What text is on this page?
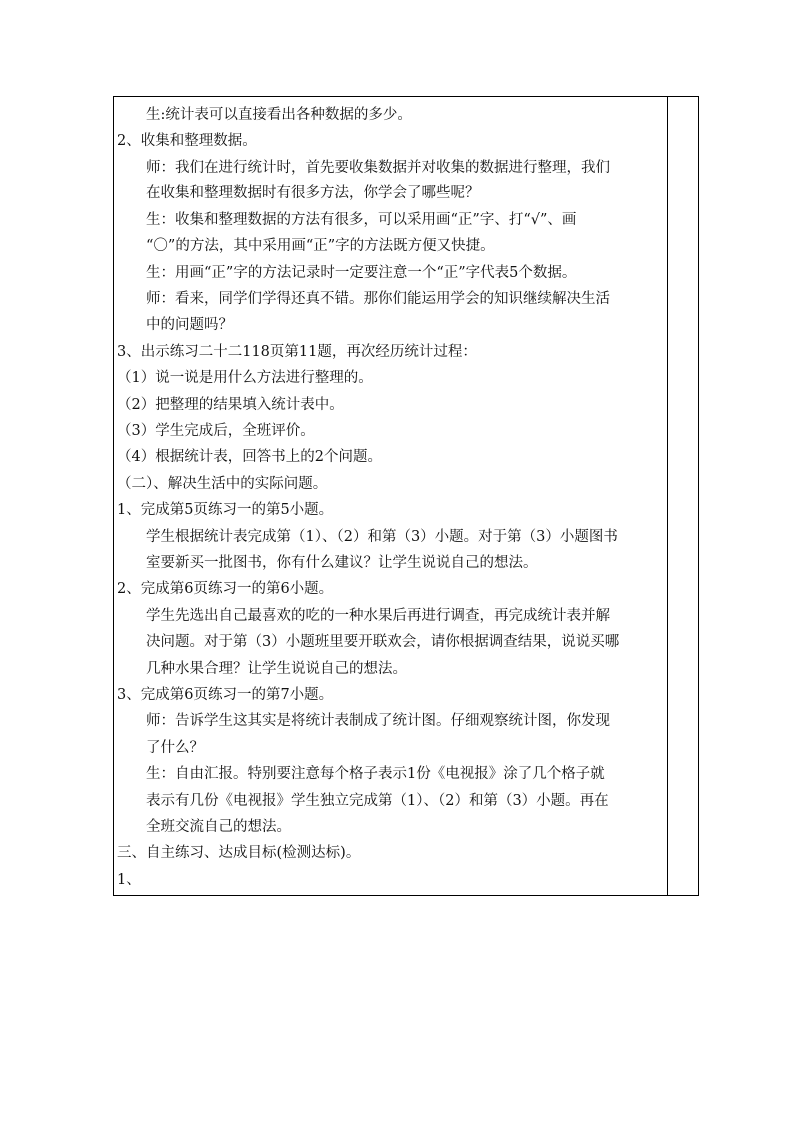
生:统计表可以直接看出各种数据的多少。
2、收集和整理数据。
师：我们在进行统计时，首先要收集数据并对收集的数据进行整理，我们
在收集和整理数据时有很多方法，你学会了哪些呢？
生：收集和整理数据的方法有很多，可以采用画“正”字、打“√”、画
“〇”的方法，其中采用画“正”字的方法既方便又快捷。
生：用画“正”字的方法记录时一定要注意一个“正”字代表5个数据。
师：看来，同学们学得还真不错。那你们能运用学会的知识继续解决生活
中的问题吗？
3、出示练习二十二118页第11题，再次经历统计过程：
（1）说一说是用什么方法进行整理的。
（2）把整理的结果填入统计表中。
（3）学生完成后，全班评价。
（4）根据统计表，回答书上的2个问题。
（二）、解决生活中的实际问题。
1、完成第5页练习一的第5小题。
学生根据统计表完成第（1）、（2）和第（3）小题。对于第（3）小题图书
室要新买一批图书，你有什么建议？让学生说说自己的想法。
2、完成第6页练习一的第6小题。
学生先选出自己最喜欢的吃的一种水果后再进行调查，再完成统计表并解
决问题。对于第（3）小题班里要开联欢会，请你根据调查结果，说说买哪
几种水果合理？让学生说说自己的想法。
3、完成第6页练习一的第7小题。
师：告诉学生这其实是将统计表制成了统计图。仔细观察统计图，你发现
了什么？
生：自由汇报。特别要注意每个格子表示1份《电视报》涂了几个格子就
表示有几份《电视报》学生独立完成第（1）、（2）和第（3）小题。再在
全班交流自己的想法。
三、自主练习、达成目标(检测达标)。
1、
